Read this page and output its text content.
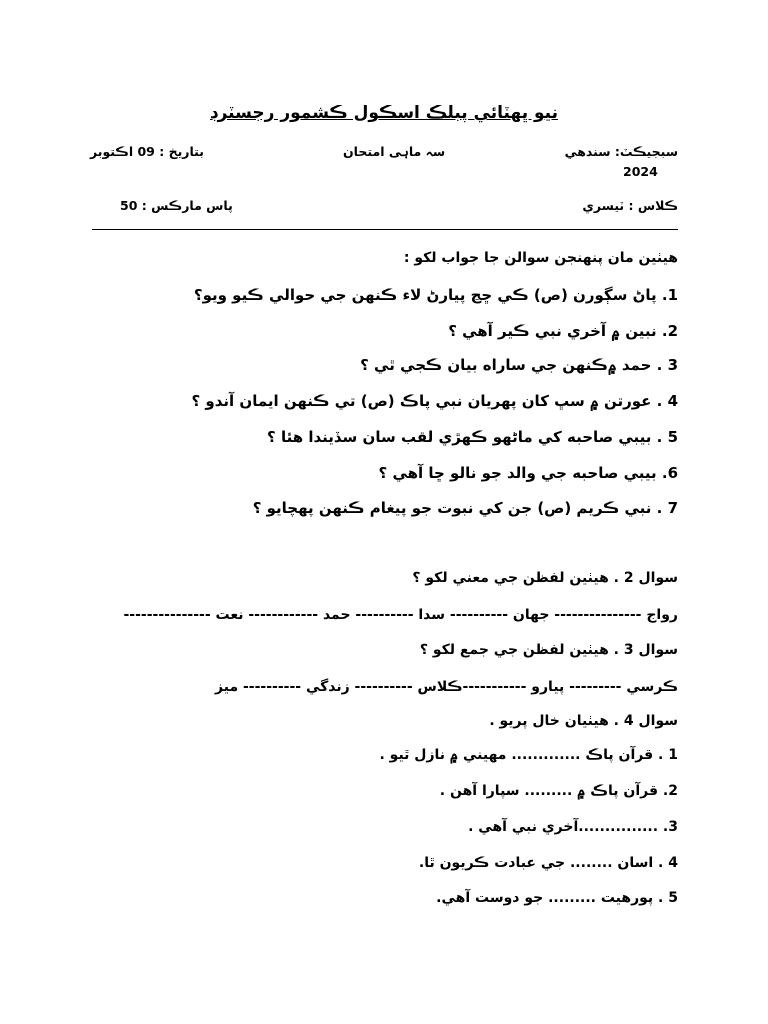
نيو ڀهٽائي پبلڪ اسڪول ڪشمور رجسٽرڊ
سبجيڪٽ: سندهي
2024
سہ ماہی امتحان
بتاريخ : 09 اڪتوبر
ڪلاس : ٽيسري
پاس مارڪس : 50
هيٺين مان پنهنجن سوالن جا جواب لکو :
1. پاڻ سڳورن (ص) ڪي ڇڃ پيارڻ لاء ڪنهن جي حوالي ڪيو ويو؟
2. نبين ۾ آخري نبي ڪير آهي ؟
3 . حمد ۾ڪنهن جي ساراه بيان ڪجي ٿي ؟
4 . عورتن ۾ سڀ کان پهريان نبي پاڪ (ص) تي ڪنهن ايمان آندو ؟
5 . بيبي صاحبه کي ماڻهو ڪهڙي لقب سان سڏيندا هئا ؟
6. بيبي صاحبه جي والد جو نالو ڇا آهي ؟
7 . نبي ڪريم (ص) جن کي نبوت جو پيغام ڪنهن پهچايو ؟
سوال 2 . هيٺين لفظن جي معني لکو ؟
رواج --------------- جهان ---------- سدا ---------- حمد ------------ نعت ---------------
سوال 3 . هيٺين لفظن جي جمع لکو ؟
ڪرسي --------- پيارو -----------ڪلاس ---------- زندگي ---------- ميز
سوال 4 . هيٺيان خال پريو .
1 . قرآن پاڪ ............. مهيني ۾ نازل ٿيو .
2. قرآن پاڪ ۾ ......... سپارا آهن .
3. ...............آخري نبي آهي .
4 . اسان ........ جي عبادت ڪريون ٿا.
5 . پورهيت ......... جو دوست آهي.
